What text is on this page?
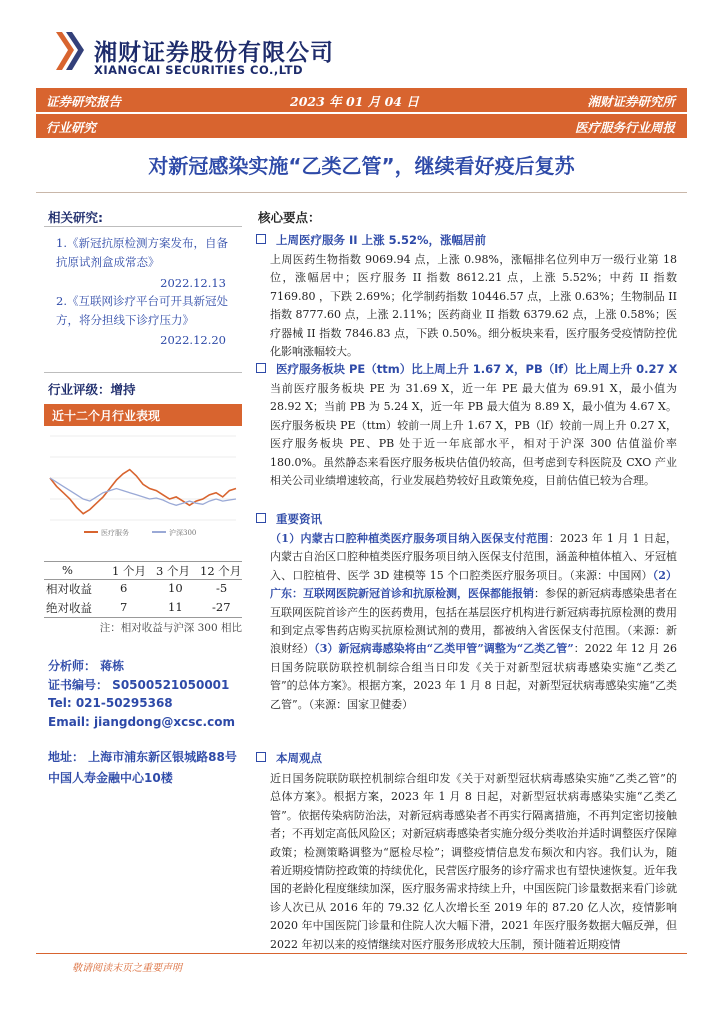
湘财证券股份有限公司
XIANGCAI SECURITIES CO.,LTD
证券研究报告	2023 年 01 月 04 日	湘财证券研究所
行业研究	医疗服务行业周报
对新冠感染实施“乙类乙管”，继续看好疫后复苏
相关研究:
1.《新冠抗原检测方案发布，自备抗原试剂盒成常态》
2022.12.13
2.《互联网诊疗平台可开具新冠处方，将分担线下诊疗压力》
2022.12.20
行业评级：增持
近十二个月行业表现
医疗服务	沪深300
%	1 个月 3 个月 12 个月
相对收益 6	10	-5
绝对收益 7	11	-27
注：相对收益与沪深 300 相比
分析师： 蒋栋
证书编号： S0500521050001
Tel: 021-50295368
Email: jiangdong@xcsc.com
地址： 上海市浦东新区银城路88号
中国人寿金融中心10楼
核心要点：
上周医疗服务 II 上涨 5.52%，涨幅居前

上周医药生物指数 9069.94 点，上涨 0.98%，涨幅排名位列申万一级行业第 18 位，涨幅居中；医疗服务 II 指数 8612.21 点，上涨 5.52%；中药 II 指数 7169.80 ，下跌 2.69%；化学制药指数 10446.57 点，上涨 0.63%；生物制品 II 指数 8777.60 点，上涨 2.11%；医药商业 II 指数 6379.62 点，上涨 0.58%；医疗器械 II 指数 7846.83 点，下跌 0.50%。细分板块来看，医疗服务受疫情防控优化影响涨幅较大。

医疗服务板块 PE（ttm）比上周上升 1.67 X，PB（lf）比上周上升 0.27 X

当前医疗服务板块 PE 为 31.69 X，近一年 PE 最大值为 69.91 X，最小值为 28.92 X；当前 PB 为 5.24 X，近一年 PB 最大值为 8.89 X，最小值为 4.67 X。医疗服务板块 PE（ttm）较前一周上升 1.67 X，PB（lf）较前一周上升 0.27 X，医疗服务板块 PE、PB 处于近一年底部水平，相对于沪深 300 估值溢价率 180.0%。虽然静态来看医疗服务板块估值仍较高，但考虑到专科医院及 CXO 产业相关公司业绩增速较高，行业发展趋势较好且政策免疫，目前估值已较为合理。

重要资讯

（1）内蒙古口腔种植类医疗服务项目纳入医保支付范围：2023 年 1 月 1 日起，内蒙古自治区口腔种植类医疗服务项目纳入医保支付范围，涵盖种植体植入、牙冠植入、口腔植骨、医学 3D 建模等 15 个口腔类医疗服务项目。（来源：中国网）（2）广东：互联网医院新冠首诊和抗原检测，医保都能报销：参保的新冠病毒感染患者在互联网医院首诊产生的医药费用，包括在基层医疗机构进行新冠病毒抗原检测的费用和到定点零售药店购买抗原检测试剂的费用，都被纳入省医保支付范围。（来源：新浪财经）（3）新冠病毒感染将由“乙类甲管”调整为“乙类乙管”：2022 年 12 月 26 日国务院联防联控机制综合组当日印发《关于对新型冠状病毒感染实施“乙类乙管”的总体方案》。根据方案，2023 年 1 月 8 日起，对新型冠状病毒感染实施“乙类乙管”。（来源：国家卫健委）

本周观点

近日国务院联防联控机制综合组印发《关于对新型冠状病毒感染实施“乙类乙管”的总体方案》。根据方案，2023 年 1 月 8 日起，对新型冠状病毒感染实施“乙类乙管”。依据传染病防治法，对新冠病毒感染者不再实行隔离措施，不再判定密切接触者；不再划定高低风险区；对新冠病毒感染者实施分级分类收治并适时调整医疗保障政策；检测策略调整为“愿检尽检”；调整疫情信息发布频次和内容。我们认为，随着近期疫情防控政策的持续优化，民营医疗服务的诊疗需求也有望快速恢复。近年我国的老龄化程度继续加深，医疗服务需求持续上升，中国医院门诊量数据来看门诊就诊人次已从 2016 年的 79.32 亿人次增长至 2019 年的 87.20 亿人次，疫情影响 2020 年中国医院门诊量和住院人次大幅下滑，2021 年医疗服务数据大幅反弹，但 2022 年初以来的疫情继续对医疗服务形成较大压制，预计随着近期疫情

敬请阅读末页之重要声明
